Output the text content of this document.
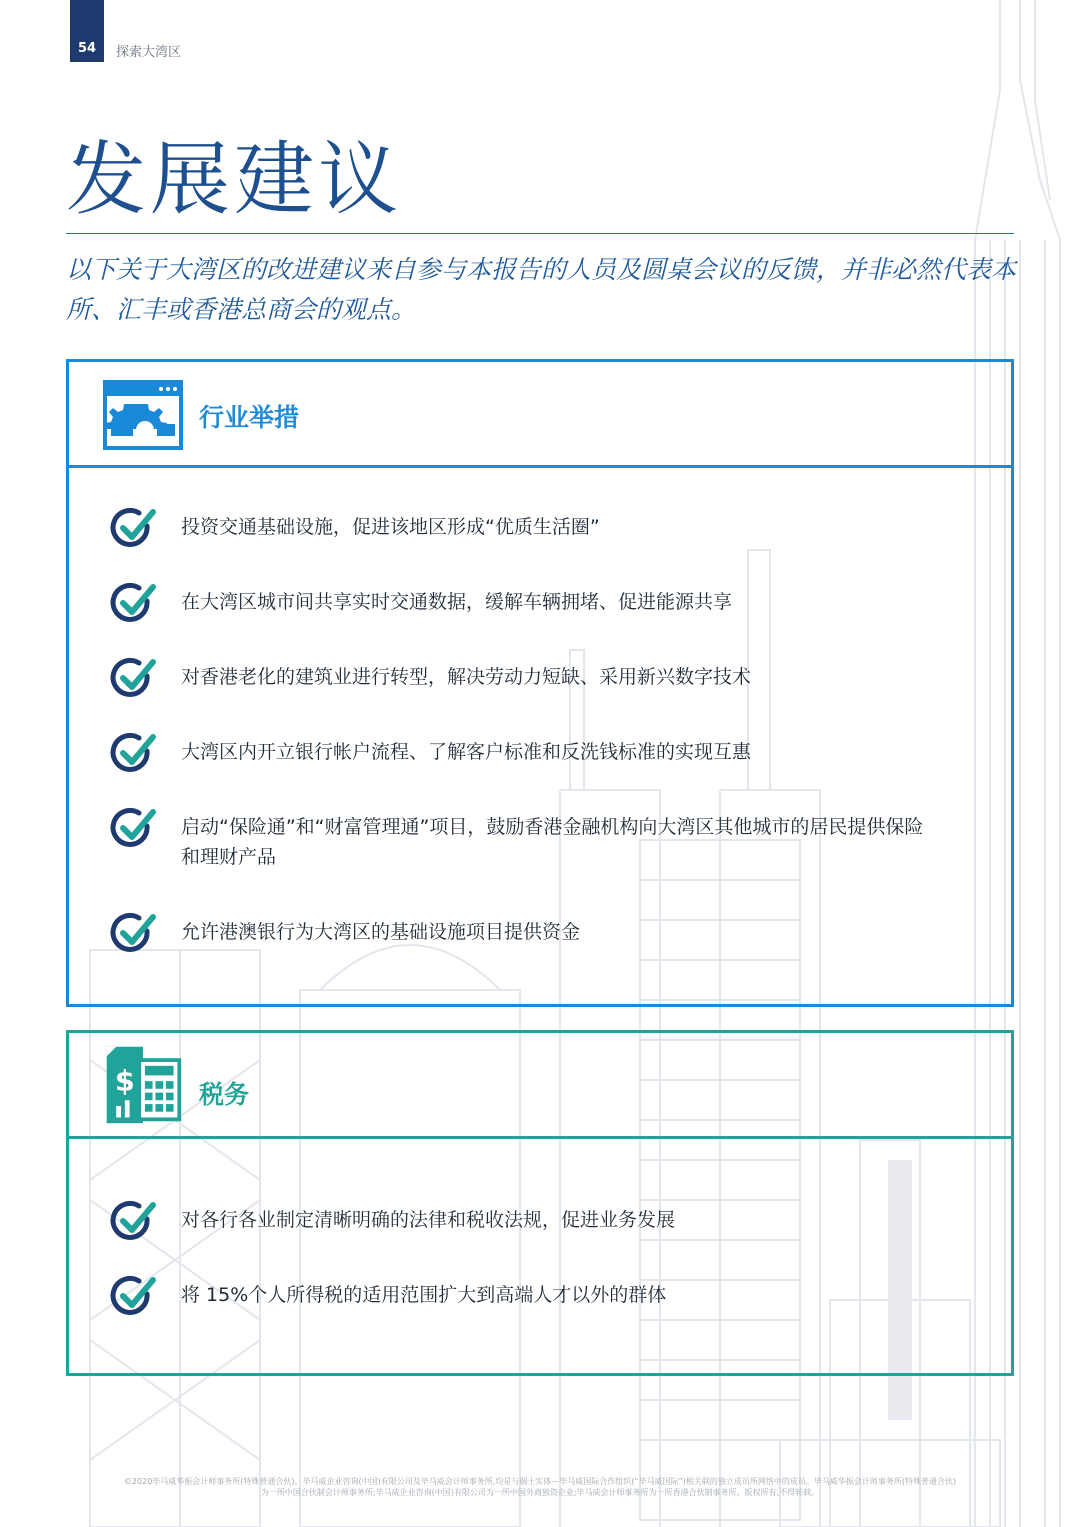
54	探索大湾区
发展建议

以下关于大湾区的改进建议来自参与本报告的人员及圆桌会议的反馈，并非必然代表本所、汇丰或香港总商会的观点。

行业举措
投资交通基础设施，促进该地区形成“优质生活圈”
在大湾区城市间共享实时交通数据，缓解车辆拥堵、促进能源共享
对香港老化的建筑业进行转型，解决劳动力短缺、采用新兴数字技术
大湾区内开立银行帐户流程、了解客户标准和反洗钱标准的实现互惠
启动“保险通”和“财富管理通”项目，鼓励香港金融机构向大湾区其他城市的居民提供保险和理财产品
允许港澳银行为大湾区的基础设施项目提供资金
$	税务
对各行各业制定清晰明确的法律和税收法规，促进业务发展
将 15%个人所得税的适用范围扩大到高端人才以外的群体
©2020毕马威华振会计师事务所(特殊普通合伙)、毕马威企业咨询(中国)有限公司及毕马威会计师事务所,均是与瑞士实体—毕马威国际合作组织(“毕马威国际”)相关联的独立成员所网络中的成员。毕马威华振会计师事务所(特殊普通合伙)
为一所中国合伙制会计师事务所;毕马威企业咨询(中国)有限公司为一所中国外商独资企业;毕马威会计师事务所为一所香港合伙制事务所。版权所有,不得转载。
